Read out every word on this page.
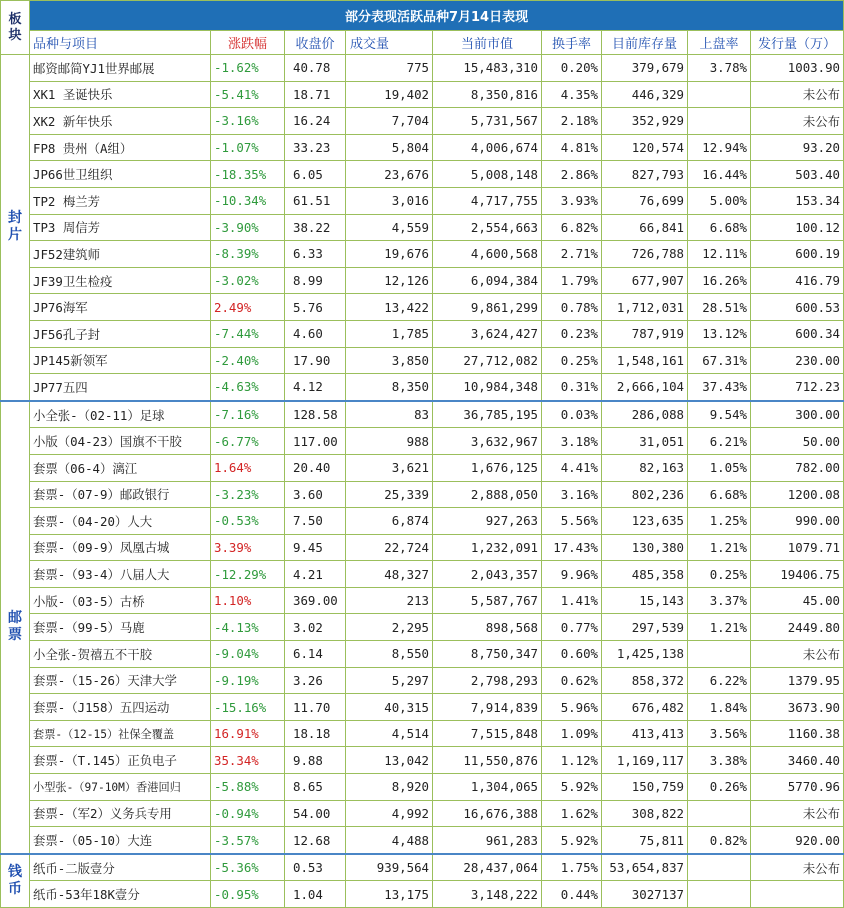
板块	部分表现活跃品种7月14日表现								
	品种与项目	涨跌幅	收盘价	成交量	当前市值	换手率	目前库存量	上盘率	发行量（万）
封片	邮资邮简YJ1世界邮展	-1.62%	40.78	775	15,483,310	0.20%	379,679	3.78%	1003.90
	XK1 圣诞快乐	-5.41%	18.71	19,402	8,350,816	4.35%	446,329		未公布
	XK2 新年快乐	-3.16%	16.24	7,704	5,731,567	2.18%	352,929		未公布
	FP8 贵州（A组）	-1.07%	33.23	5,804	4,006,674	4.81%	120,574	12.94%	93.20
	JP66世卫组织	-18.35%	6.05	23,676	5,008,148	2.86%	827,793	16.44%	503.40
	TP2 梅兰芳	-10.34%	61.51	3,016	4,717,755	3.93%	76,699	5.00%	153.34
	TP3 周信芳	-3.90%	38.22	4,559	2,554,663	6.82%	66,841	6.68%	100.12
	JF52建筑师	-8.39%	6.33	19,676	4,600,568	2.71%	726,788	12.11%	600.19
	JF39卫生检疫	-3.02%	8.99	12,126	6,094,384	1.79%	677,907	16.26%	416.79
	JP76海军	2.49%	5.76	13,422	9,861,299	0.78%	1,712,031	28.51%	600.53
	JF56孔子封	-7.44%	4.60	1,785	3,624,427	0.23%	787,919	13.12%	600.34
	JP145新领军	-2.40%	17.90	3,850	27,712,082	0.25%	1,548,161	67.31%	230.00
	JP77五四	-4.63%	4.12	8,350	10,984,348	0.31%	2,666,104	37.43%	712.23
邮票	小全张-（02-11）足球	-7.16%	128.58	83	36,785,195	0.03%	286,088	9.54%	300.00
	小版（04-23）国旗不干胶	-6.77%	117.00	988	3,632,967	3.18%	31,051	6.21%	50.00
	套票（06-4）漓江	1.64%	20.40	3,621	1,676,125	4.41%	82,163	1.05%	782.00
	套票-（07-9）邮政银行	-3.23%	3.60	25,339	2,888,050	3.16%	802,236	6.68%	1200.08
	套票-（04-20）人大	-0.53%	7.50	6,874	927,263	5.56%	123,635	1.25%	990.00
	套票-（09-9）凤凰古城	3.39%	9.45	22,724	1,232,091	17.43%	130,380	1.21%	1079.71
	套票-（93-4）八届人大	-12.29%	4.21	48,327	2,043,357	9.96%	485,358	0.25%	19406.75
	小版-（03-5）古桥	1.10%	369.00	213	5,587,767	1.41%	15,143	3.37%	45.00
	套票-（99-5）马鹿	-4.13%	3.02	2,295	898,568	0.77%	297,539	1.21%	2449.80
	小全张-贺禧五不干胶	-9.04%	6.14	8,550	8,750,347	0.60%	1,425,138		未公布
	套票-（15-26）天津大学	-9.19%	3.26	5,297	2,798,293	0.62%	858,372	6.22%	1379.95
	套票-（J158）五四运动	-15.16%	11.70	40,315	7,914,839	5.96%	676,482	1.84%	3673.90
	套票-（12-15）社保全覆盖	16.91%	18.18	4,514	7,515,848	1.09%	413,413	3.56%	1160.38
	套票-（T.145）正负电子	35.34%	9.88	13,042	11,550,876	1.12%	1,169,117	3.38%	3460.40
	小型张-（97-10M）香港回归	-5.88%	8.65	8,920	1,304,065	5.92%	150,759	0.26%	5770.96
	套票-（军2）义务兵专用	-0.94%	54.00	4,992	16,676,388	1.62%	308,822		未公布
	套票-（05-10）大连	-3.57%	12.68	4,488	961,283	5.92%	75,811	0.82%	920.00
钱币	纸币-二版壹分	-5.36%	0.53	939,564	28,437,064	1.75%	53,654,837		未公布
	纸币-53年18K壹分	-0.95%	1.04	13,175	3,148,222	0.44%	3027137		
